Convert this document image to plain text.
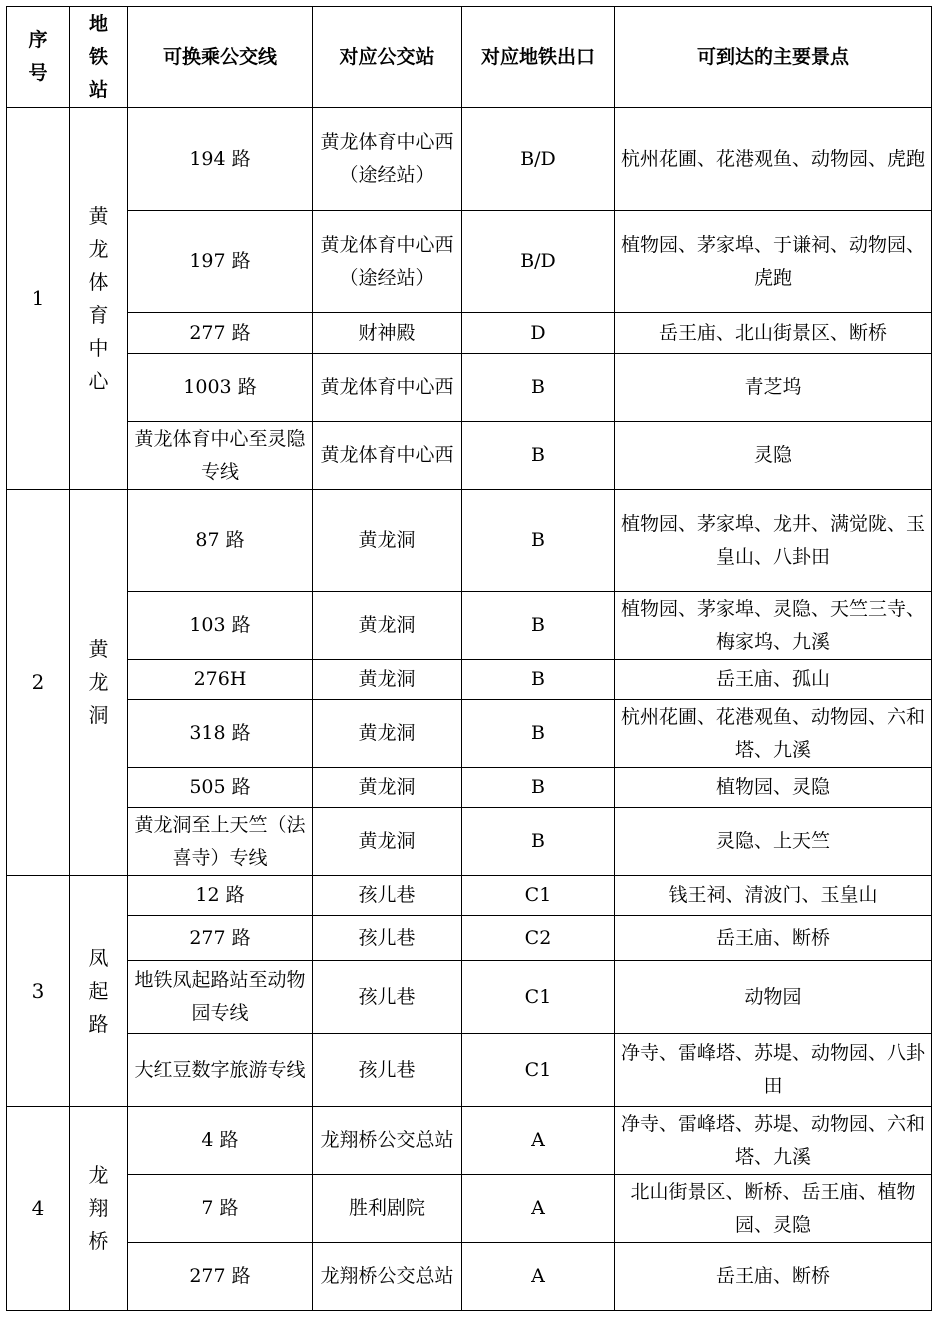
序号	地铁站	可换乘公交线	对应公交站	对应地铁出口	可到达的主要景点
1	黄龙体育中心	194 路	黄龙体育中心西（途经站）	B/D	杭州花圃、花港观鱼、动物园、虎跑
		197 路	黄龙体育中心西（途经站）	B/D	植物园、茅家埠、于谦祠、动物园、虎跑
		277 路	财神殿	D	岳王庙、北山街景区、断桥
		1003 路	黄龙体育中心西	B	青芝坞
		黄龙体育中心至灵隐专线	黄龙体育中心西	B	灵隐
2	黄龙洞	87 路	黄龙洞	B	植物园、茅家埠、龙井、满觉陇、玉皇山、八卦田
		103 路	黄龙洞	B	植物园、茅家埠、灵隐、天竺三寺、梅家坞、九溪
		276H	黄龙洞	B	岳王庙、孤山
		318 路	黄龙洞	B	杭州花圃、花港观鱼、动物园、六和塔、九溪
		505 路	黄龙洞	B	植物园、灵隐
		黄龙洞至上天竺（法喜寺）专线	黄龙洞	B	灵隐、上天竺
3	凤起路	12 路	孩儿巷	C1	钱王祠、清波门、玉皇山
		277 路	孩儿巷	C2	岳王庙、断桥
		地铁凤起路站至动物园专线	孩儿巷	C1	动物园
		大红豆数字旅游专线	孩儿巷	C1	净寺、雷峰塔、苏堤、动物园、八卦田
4	龙翔桥	4 路	龙翔桥公交总站	A	净寺、雷峰塔、苏堤、动物园、六和塔、九溪
		7 路	胜利剧院	A	北山街景区、断桥、岳王庙、植物园、灵隐
		277 路	龙翔桥公交总站	A	岳王庙、断桥
